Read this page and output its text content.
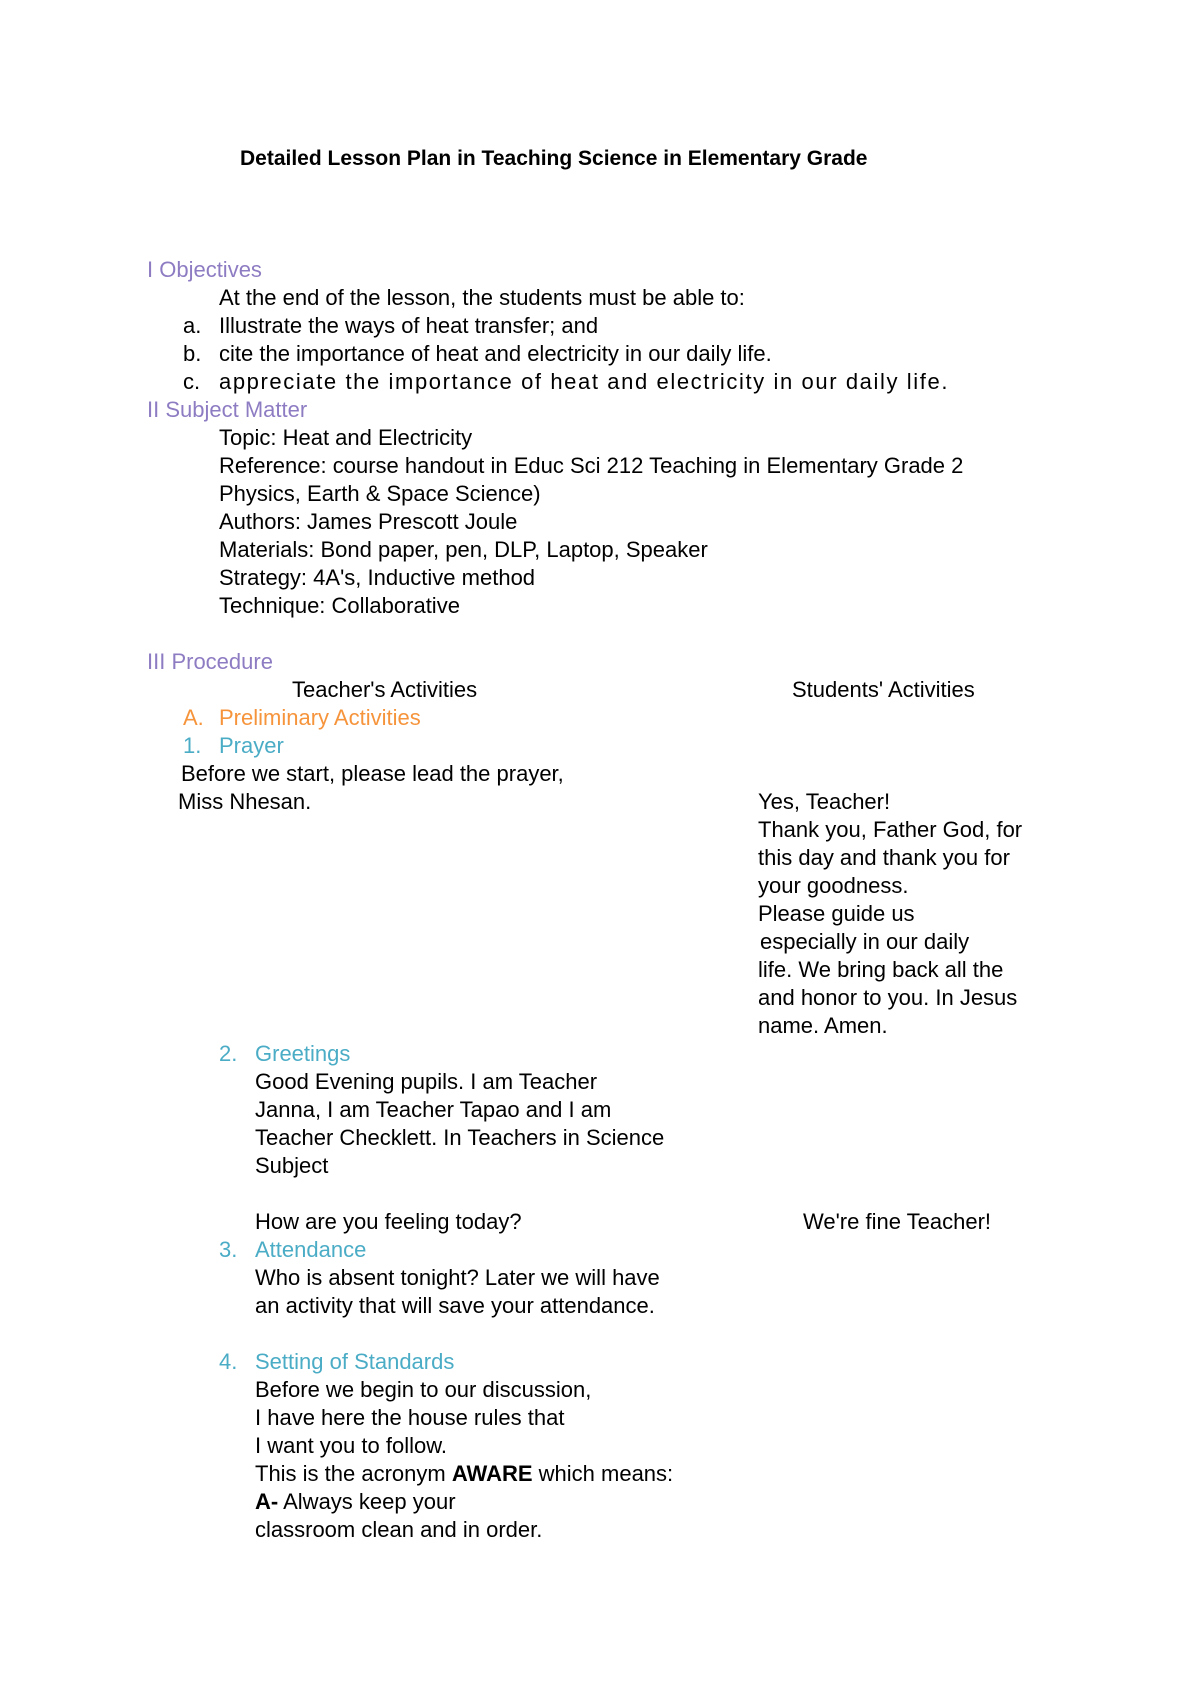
Detailed Lesson Plan in Teaching Science in Elementary Grade
I Objectives
At the end of the lesson, the students must be able to:
a. Illustrate the ways of heat transfer; and
b. cite the importance of heat and electricity in our daily life.
c. appreciate the importance of heat and electricity in our daily life.
II Subject Matter
Topic: Heat and Electricity
Reference: course handout in Educ Sci 212 Teaching in Elementary Grade 2
Physics, Earth & Space Science)
Authors: James Prescott Joule
Materials: Bond paper, pen, DLP, Laptop, Speaker
Strategy: 4A's, Inductive method
Technique: Collaborative
III Procedure
Teacher's Activities	Students' Activities
A. Preliminary Activities
1. Prayer
Before we start, please lead the prayer,
Miss Nhesan.	Yes, Teacher!
Thank you, Father God, for
this day and thank you for
your goodness.
Please guide us
especially in our daily
life. We bring back all the
and honor to you. In Jesus
name. Amen.
2. Greetings
Good Evening pupils. I am Teacher
Janna, I am Teacher Tapao and I am
Teacher Checklett. In Teachers in Science
Subject
How are you feeling today?	We're fine Teacher!
3. Attendance
Who is absent tonight? Later we will have
an activity that will save your attendance.
4. Setting of Standards
Before we begin to our discussion,
I have here the house rules that
I want you to follow.
This is the acronym AWARE which means:
A- Always keep your
classroom clean and in order.
